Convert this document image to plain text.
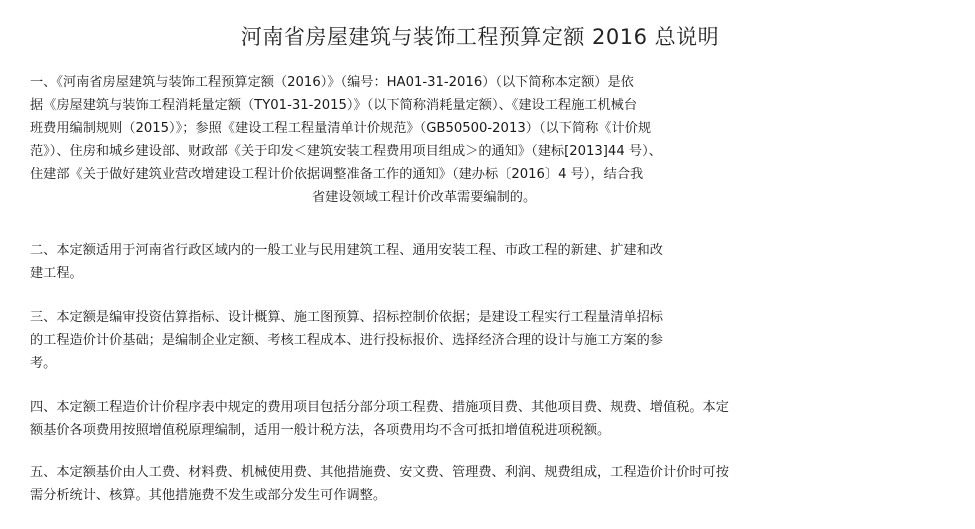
河南省房屋建筑与装饰工程预算定额 2016 总说明
一、《河南省房屋建筑与装饰工程预算定额（2016）》（编号：HA01-31-2016）（以下简称本定额）是依
据《房屋建筑与装饰工程消耗量定额（TY01-31-2015）》（以下简称消耗量定额）、《建设工程施工机械台
班费用编制规则（2015）》；参照《建设工程工程量清单计价规范》（GB50500-2013）（以下简称《计价规
范》）、住房和城乡建设部、财政部《关于印发＜建筑安装工程费用项目组成＞的通知》（建标[2013]44 号）、
住建部《关于做好建筑业营改增建设工程计价依据调整准备工作的通知》（建办标〔2016〕4 号），结合我
省建设领域工程计价改革需要编制的。
二、本定额适用于河南省行政区域内的一般工业与民用建筑工程、通用安装工程、市政工程的新建、扩建和改
建工程。
三、本定额是编审投资估算指标、设计概算、施工图预算、招标控制价依据；是建设工程实行工程量清单招标
的工程造价计价基础；是编制企业定额、考核工程成本、进行投标报价、选择经济合理的设计与施工方案的参
考。
四、本定额工程造价计价程序表中规定的费用项目包括分部分项工程费、措施项目费、其他项目费、规费、增值税。本定
额基价各项费用按照增值税原理编制，适用一般计税方法，各项费用均不含可抵扣增值税进项税额。
五、本定额基价由人工费、材料费、机械使用费、其他措施费、安文费、管理费、利润、规费组成，工程造价计价时可按
需分析统计、核算。其他措施费不发生或部分发生可作调整。
